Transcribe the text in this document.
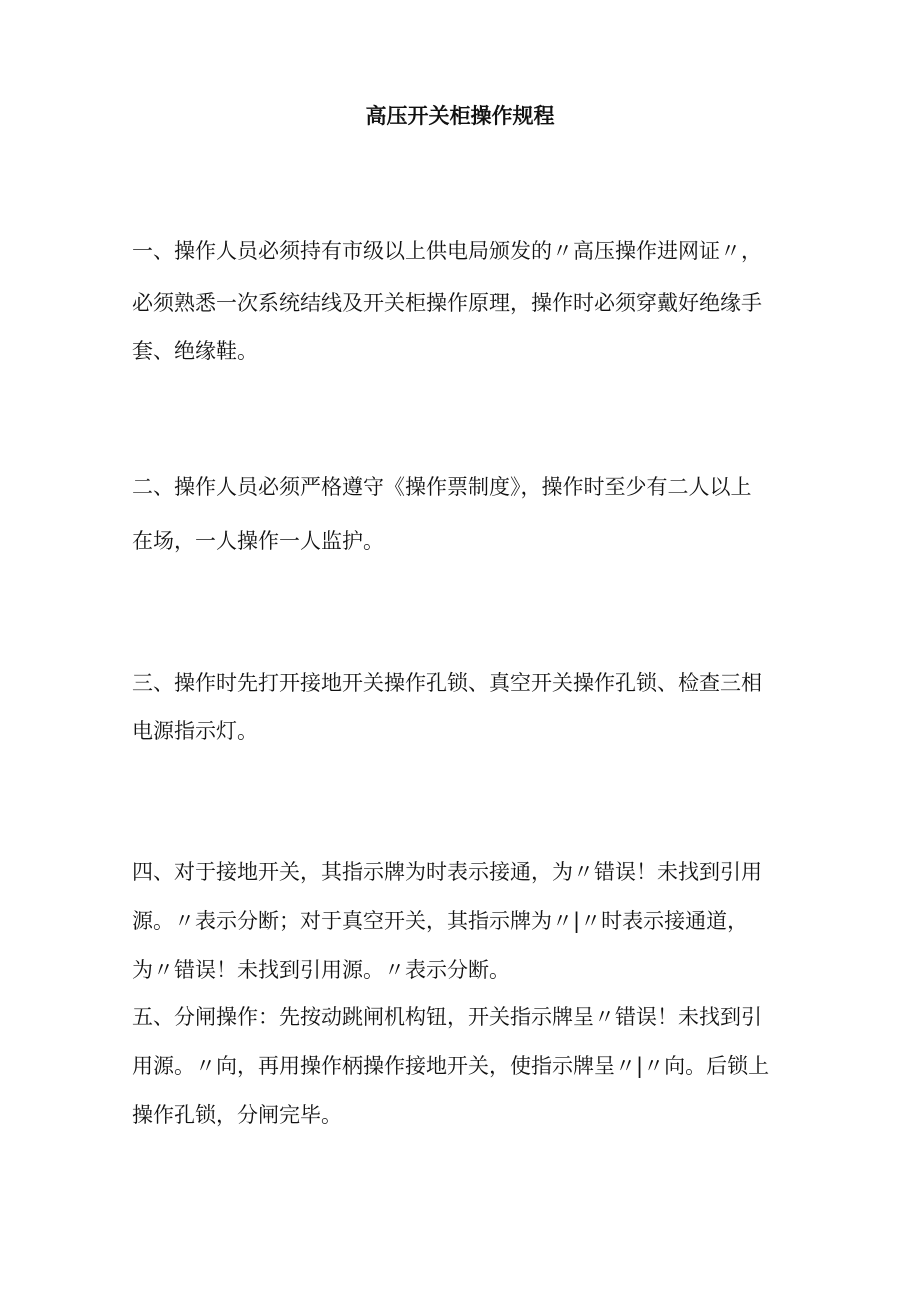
高压开关柜操作规程
一、操作人员必须持有市级以上供电局颁发的〃高压操作进网证〃，
必须熟悉一次系统结线及开关柜操作原理，操作时必须穿戴好绝缘手
套、绝缘鞋。
二、操作人员必须严格遵守《操作票制度》，操作时至少有二人以上
在场，一人操作一人监护。
三、操作时先打开接地开关操作孔锁、真空开关操作孔锁、检查三相
电源指示灯。
四、对于接地开关，其指示牌为时表示接通，为〃错误！未找到引用
源。〃表示分断；对于真空开关，其指示牌为〃|〃时表示接通道，
为〃错误！未找到引用源。〃表示分断。
五、分闸操作：先按动跳闸机构钮，开关指示牌呈〃错误！未找到引
用源。〃向，再用操作柄操作接地开关，使指示牌呈〃|〃向。后锁上
操作孔锁，分闸完毕。
